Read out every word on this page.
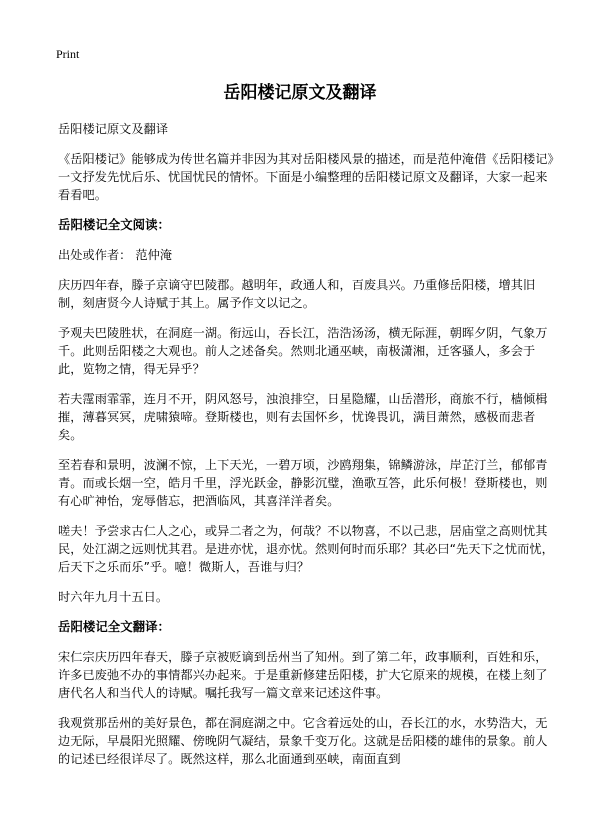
Print
岳阳楼记原文及翻译

岳阳楼记原文及翻译

《岳阳楼记》能够成为传世名篇并非因为其对岳阳楼风景的描述，而是范仲淹借《岳阳楼记》一文抒发先忧后乐、忧国忧民的情怀。下面是小编整理的岳阳楼记原文及翻译，大家一起来看看吧。

岳阳楼记全文阅读：

出处或作者： 范仲淹

庆历四年春，滕子京谪守巴陵郡。越明年，政通人和，百废具兴。乃重修岳阳楼，增其旧制，刻唐贤今人诗赋于其上。属予作文以记之。

予观夫巴陵胜状，在洞庭一湖。衔远山，吞长江，浩浩汤汤，横无际涯，朝晖夕阴，气象万千。此则岳阳楼之大观也。前人之述备矣。然则北通巫峡，南极潇湘，迁客骚人，多会于此，览物之情，得无异乎？

若夫霪雨霏霏，连月不开，阴风怒号，浊浪排空，日星隐耀，山岳潜形，商旅不行，樯倾楫摧，薄暮冥冥，虎啸猿啼。登斯楼也，则有去国怀乡，忧谗畏讥，满目萧然，感极而悲者矣。

至若春和景明，波澜不惊，上下天光，一碧万顷，沙鸥翔集，锦鳞游泳，岸芷汀兰，郁郁青青。而或长烟一空，皓月千里，浮光跃金，静影沉璧，渔歌互答，此乐何极！登斯楼也，则有心旷神怡，宠辱偕忘，把酒临风，其喜洋洋者矣。

嗟夫！予尝求古仁人之心，或异二者之为，何哉？不以物喜，不以己悲，居庙堂之高则忧其民，处江湖之远则忧其君。是进亦忧，退亦忧。然则何时而乐耶？其必曰“先天下之忧而忧，后天下之乐而乐”乎。噫！微斯人，吾谁与归？

时六年九月十五日。

岳阳楼记全文翻译：

宋仁宗庆历四年春天，滕子京被贬谪到岳州当了知州。到了第二年，政事顺利，百姓和乐，许多已废弛不办的事情都兴办起来。于是重新修建岳阳楼，扩大它原来的规模，在楼上刻了唐代名人和当代人的诗赋。嘱托我写一篇文章来记述这件事。

我观赏那岳州的美好景色，都在洞庭湖之中。它含着远处的山，吞长江的水，水势浩大，无边无际，早晨阳光照耀、傍晚阴气凝结，景象千变万化。这就是岳阳楼的雄伟的景象。前人的记述已经很详尽了。既然这样，那么北面通到巫峡，南面直到
